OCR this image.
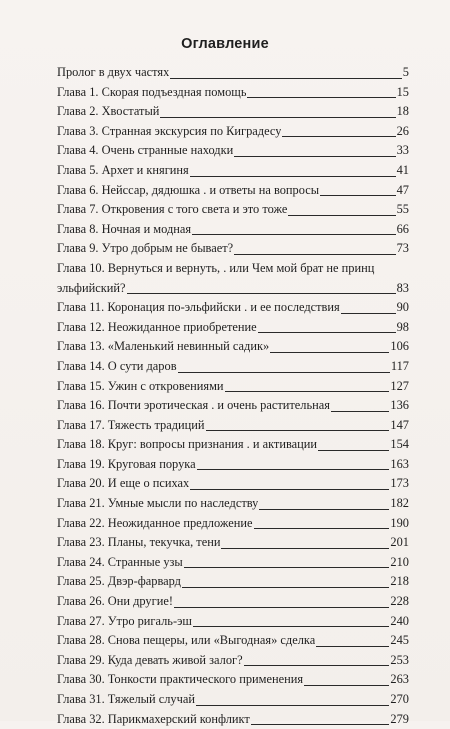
Оглавление
Пролог в двух частях	5
Глава 1. Скорая подъездная помощь	15
Глава 2. Хвостатый	18
Глава 3. Странная экскурсия по Киградесу	26
Глава 4. Очень странные находки	33
Глава 5. Архет и княгиня	41
Глава 6. Нейссар, дядюшка . и ответы на вопросы	47
Глава 7. Откровения с того света и это тоже	55
Глава 8. Ночная и модная	66
Глава 9. Утро добрым не бывает?	73
Глава 10. Вернуться и вернуть, . или Чем мой брат не принц
эльфийский?	83
Глава 11. Коронация по-эльфийски . и ее последствия	90
Глава 12. Неожиданное приобретение	98
Глава 13. «Маленький невинный садик»	106
Глава 14. О сути даров	117
Глава 15. Ужин с откровениями	127
Глава 16. Почти эротическая . и очень растительная	136
Глава 17. Тяжесть традиций	147
Глава 18. Круг: вопросы признания . и активации	154
Глава 19. Круговая порука	163
Глава 20. И еще о психах	173
Глава 21. Умные мысли по наследству	182
Глава 22. Неожиданное предложение	190
Глава 23. Планы, текучка, тени	201
Глава 24. Странные узы	210
Глава 25. Двэр-фарвард	218
Глава 26. Они другие!	228
Глава 27. Утро ригаль-эш	240
Глава 28. Снова пещеры, или «Выгодная» сделка	245
Глава 29. Куда девать живой залог?	253
Глава 30. Тонкости практического применения	263
Глава 31. Тяжелый случай	270
Глава 32. Парикмахерский конфликт	279
